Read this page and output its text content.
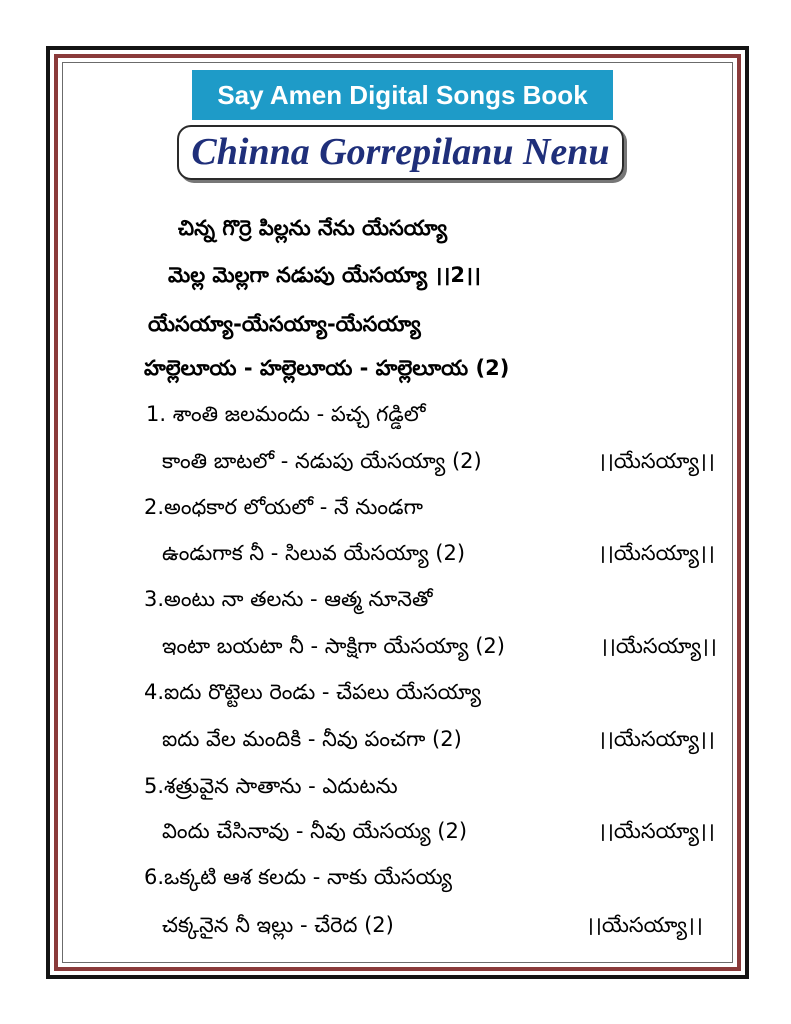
Say Amen Digital Songs Book
Chinna Gorrepilanu Nenu
చిన్న గొర్రె పిల్లను నేను యేసయ్యా
మెల్ల మెల్లగా నడుపు యేసయ్యా ।।2।।
యేసయ్యా-యేసయ్యా-యేసయ్యా
హల్లెలూయ - హల్లెలూయ - హల్లెలూయ (2)
1. శాంతి జలమందు - పచ్చ గడ్డిలో
కాంతి బాటలో - నడుపు యేసయ్యా (2)	।।యేసయ్యా।।
2.అంధకార లోయలో - నే నుండగా
ఉండుగాక నీ - సిలువ యేసయ్యా (2)	।।యేసయ్యా।।
3.అంటు నా తలను - ఆత్మ నూనెతో
ఇంటా బయటా నీ - సాక్షిగా యేసయ్యా (2)	।।యేసయ్యా।।
4.ఐదు రొట్టెలు రెండు - చేపలు యేసయ్యా
ఐదు వేల మందికి - నీవు పంచగా (2)	।।యేసయ్యా।।
5.శత్రువైన సాతాను - ఎదుటను
విందు చేసినావు - నీవు యేసయ్య (2)	।।యేసయ్యా।।
6.ఒక్కటి ఆశ కలదు - నాకు యేసయ్య
చక్కనైన నీ ఇల్లు - చేరెద (2)	।।యేసయ్యా।।
